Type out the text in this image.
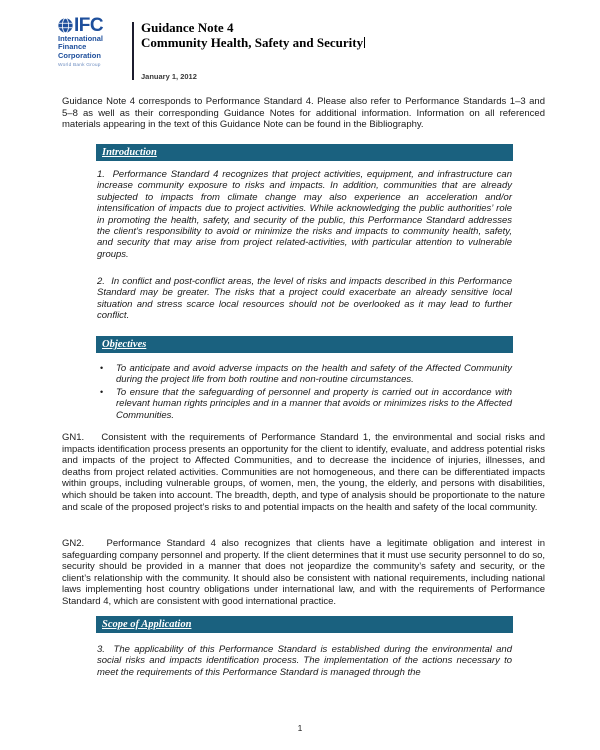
IFC
International
Finance
Corporation
World Bank Group
Guidance Note 4
Community Health, Safety and Security
January 1, 2012
Guidance Note 4 corresponds to Performance Standard 4. Please also refer to Performance Standards 1–3 and 5–8 as well as their corresponding Guidance Notes for additional information. Information on all referenced materials appearing in the text of this Guidance Note can be found in the Bibliography.
Introduction
1.  Performance Standard 4 recognizes that project activities, equipment, and infrastructure can increase community exposure to risks and impacts. In addition, communities that are already subjected to impacts from climate change may also experience an acceleration and/or intensification of impacts due to project activities. While acknowledging the public authorities’ role in promoting the health, safety, and security of the public, this Performance Standard addresses the client’s responsibility to avoid or minimize the risks and impacts to community health, safety, and security that may arise from project related-activities, with particular attention to vulnerable groups.
2.  In conflict and post-conflict areas, the level of risks and impacts described in this Performance Standard may be greater. The risks that a project could exacerbate an already sensitive local situation and stress scarce local resources should not be overlooked as it may lead to further conflict.
Objectives
•	To anticipate and avoid adverse impacts on the health and safety of the Affected Community during the project life from both routine and non-routine circumstances.
•	To ensure that the safeguarding of personnel and property is carried out in accordance with relevant human rights principles and in a manner that avoids or minimizes risks to the Affected Communities.
GN1.    Consistent with the requirements of Performance Standard 1, the environmental and social risks and impacts identification process presents an opportunity for the client to identify, evaluate, and address potential risks and impacts of the project to Affected Communities, and to decrease the incidence of injuries, illnesses, and deaths from project related activities. Communities are not homogeneous, and there can be differentiated impacts within groups, including vulnerable groups, of women, men, the young, the elderly, and persons with disabilities, which should be taken into account. The breadth, depth, and type of analysis should be proportionate to the nature and scale of the proposed project’s risks to and potential impacts on the health and safety of the local community.
GN2.    Performance Standard 4 also recognizes that clients have a legitimate obligation and interest in safeguarding company personnel and property. If the client determines that it must use security personnel to do so, security should be provided in a manner that does not jeopardize the community’s safety and security, or the client’s relationship with the community. It should also be consistent with national requirements, including national laws implementing host country obligations under international law, and with the requirements of Performance Standard 4, which are consistent with good international practice.
Scope of Application
3.  The applicability of this Performance Standard is established during the environmental and social risks and impacts identification process. The implementation of the actions necessary to meet the requirements of this Performance Standard is managed through the
1
